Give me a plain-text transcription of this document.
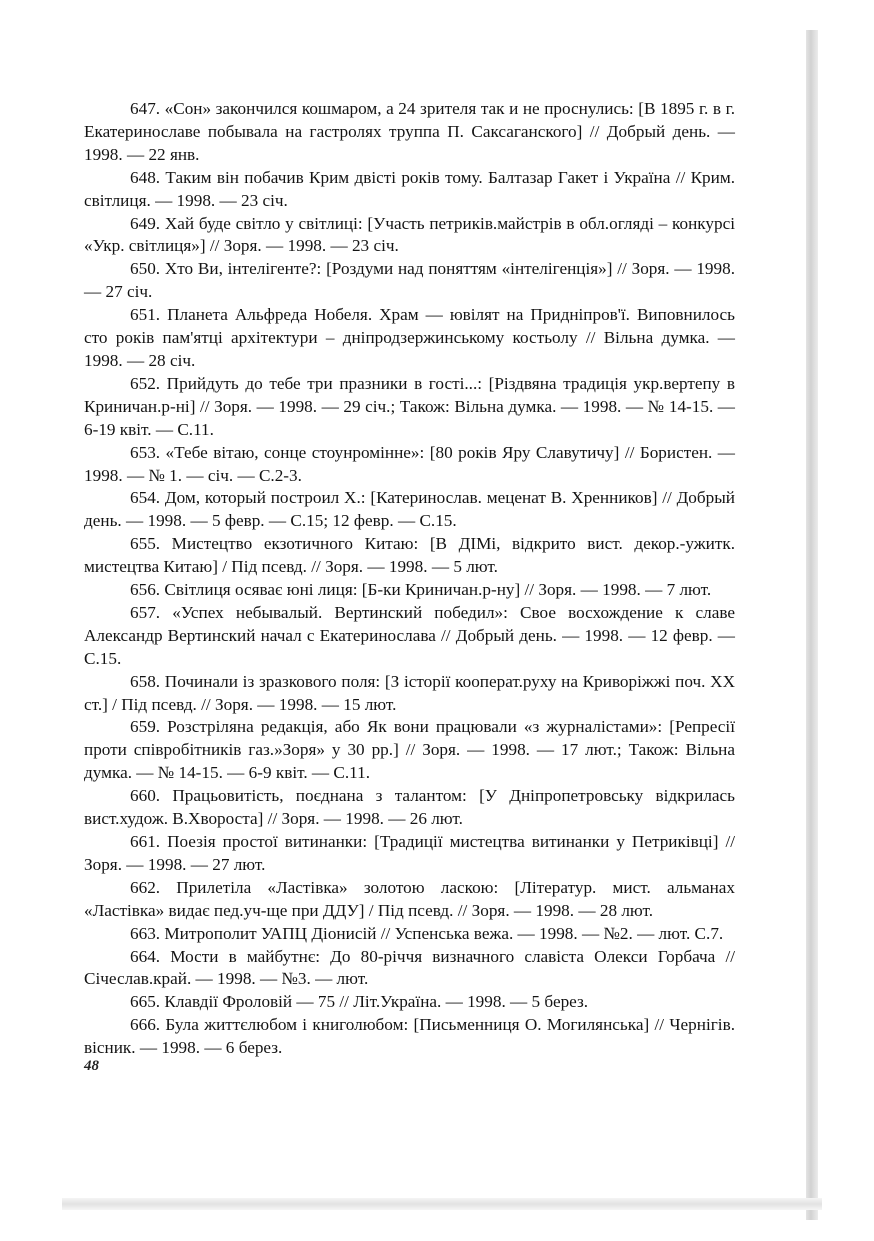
647. «Сон» закончился кошмаром, а 24 зрителя так и не проснулись: [В 1895 г. в г. Екатеринославе побывала на гастролях труппа П. Саксаганского] // Добрый день. — 1998. — 22 янв.

648. Таким він побачив Крим двісті років тому. Балтазар Гакет і Україна // Крим. світлиця. — 1998. — 23 січ.

649. Хай буде світло у світлиці: [Участь петриків.майстрів в обл.огляді – конкурсі «Укр. світлиця»] // Зоря. — 1998. — 23 січ.

650. Хто Ви, інтелігенте?: [Роздуми над поняттям «інтелігенція»] // Зоря. — 1998. — 27 січ.

651. Планета Альфреда Нобеля. Храм — ювілят на Придніпров'ї. Виповнилось сто років пам'ятці архітектури – дніпродзержинському костьолу // Вільна думка. — 1998. — 28 січ.

652. Прийдуть до тебе три празники в гості...: [Різдвяна традиція укр.вертепу в Криничан.р-ні] // Зоря. — 1998. — 29 січ.; Також: Вільна думка. — 1998. — № 14-15. — 6-19 квіт. — С.11.

653. «Тебе вітаю, сонце стоунромінне»: [80 років Яру Славутичу] // Бористен. — 1998. — № 1. — січ. — С.2-3.

654. Дом, который построил Х.: [Катеринослав. меценат В. Хренников] // Добрый день. — 1998. — 5 февр. — С.15; 12 февр. — С.15.

655. Мистецтво екзотичного Китаю: [В ДІМі, відкрито вист. декор.-ужитк. мистецтва Китаю] / Під псевд. // Зоря. — 1998. — 5 лют.

656. Світлиця осяває юні лиця: [Б-ки Криничан.р-ну] // Зоря. — 1998. — 7 лют.

657. «Успех небывалый. Вертинский победил»: Свое восхождение к славе Александр Вертинский начал с Екатеринослава // Добрый день. — 1998. — 12 февр. — С.15.

658. Починали із зразкового поля: [З історії кооперат.руху на Криворіжжі поч. ХХ ст.] / Під псевд. // Зоря. — 1998. — 15 лют.

659. Розстріляна редакція, або Як вони працювали «з журналістами»: [Репресії проти співробітників газ.»Зоря» у 30 рр.] // Зоря. — 1998. — 17 лют.; Також: Вільна думка. — № 14-15. — 6-9 квіт. — С.11.

660. Працьовитість, поєднана з талантом: [У Дніпропетровську відкрилась вист.худож. В.Хвороста] // Зоря. — 1998. — 26 лют.

661. Поезія простої витинанки: [Традиції мистецтва витинанки у Петриківці] // Зоря. — 1998. — 27 лют.

662. Прилетіла «Ластівка» золотою ласкою: [Літератур. мист. альманах «Ластівка» видає пед.уч-ще при ДДУ] / Під псевд. // Зоря. — 1998. — 28 лют.

663. Митрополит УАПЦ Діонисій // Успенська вежа. — 1998. — №2. — лют. С.7.

664. Мости в майбутнє: До 80-річчя визначного славіста Олекси Горбача // Січеслав.край. — 1998. — №3. — лют.

665. Клавдії Фроловій — 75 // Літ.Україна. — 1998. — 5 берез.

666. Була життєлюбом і книголюбом: [Письменниця О. Могилянська] // Чернігів. вісник. — 1998. — 6 берез.

48
